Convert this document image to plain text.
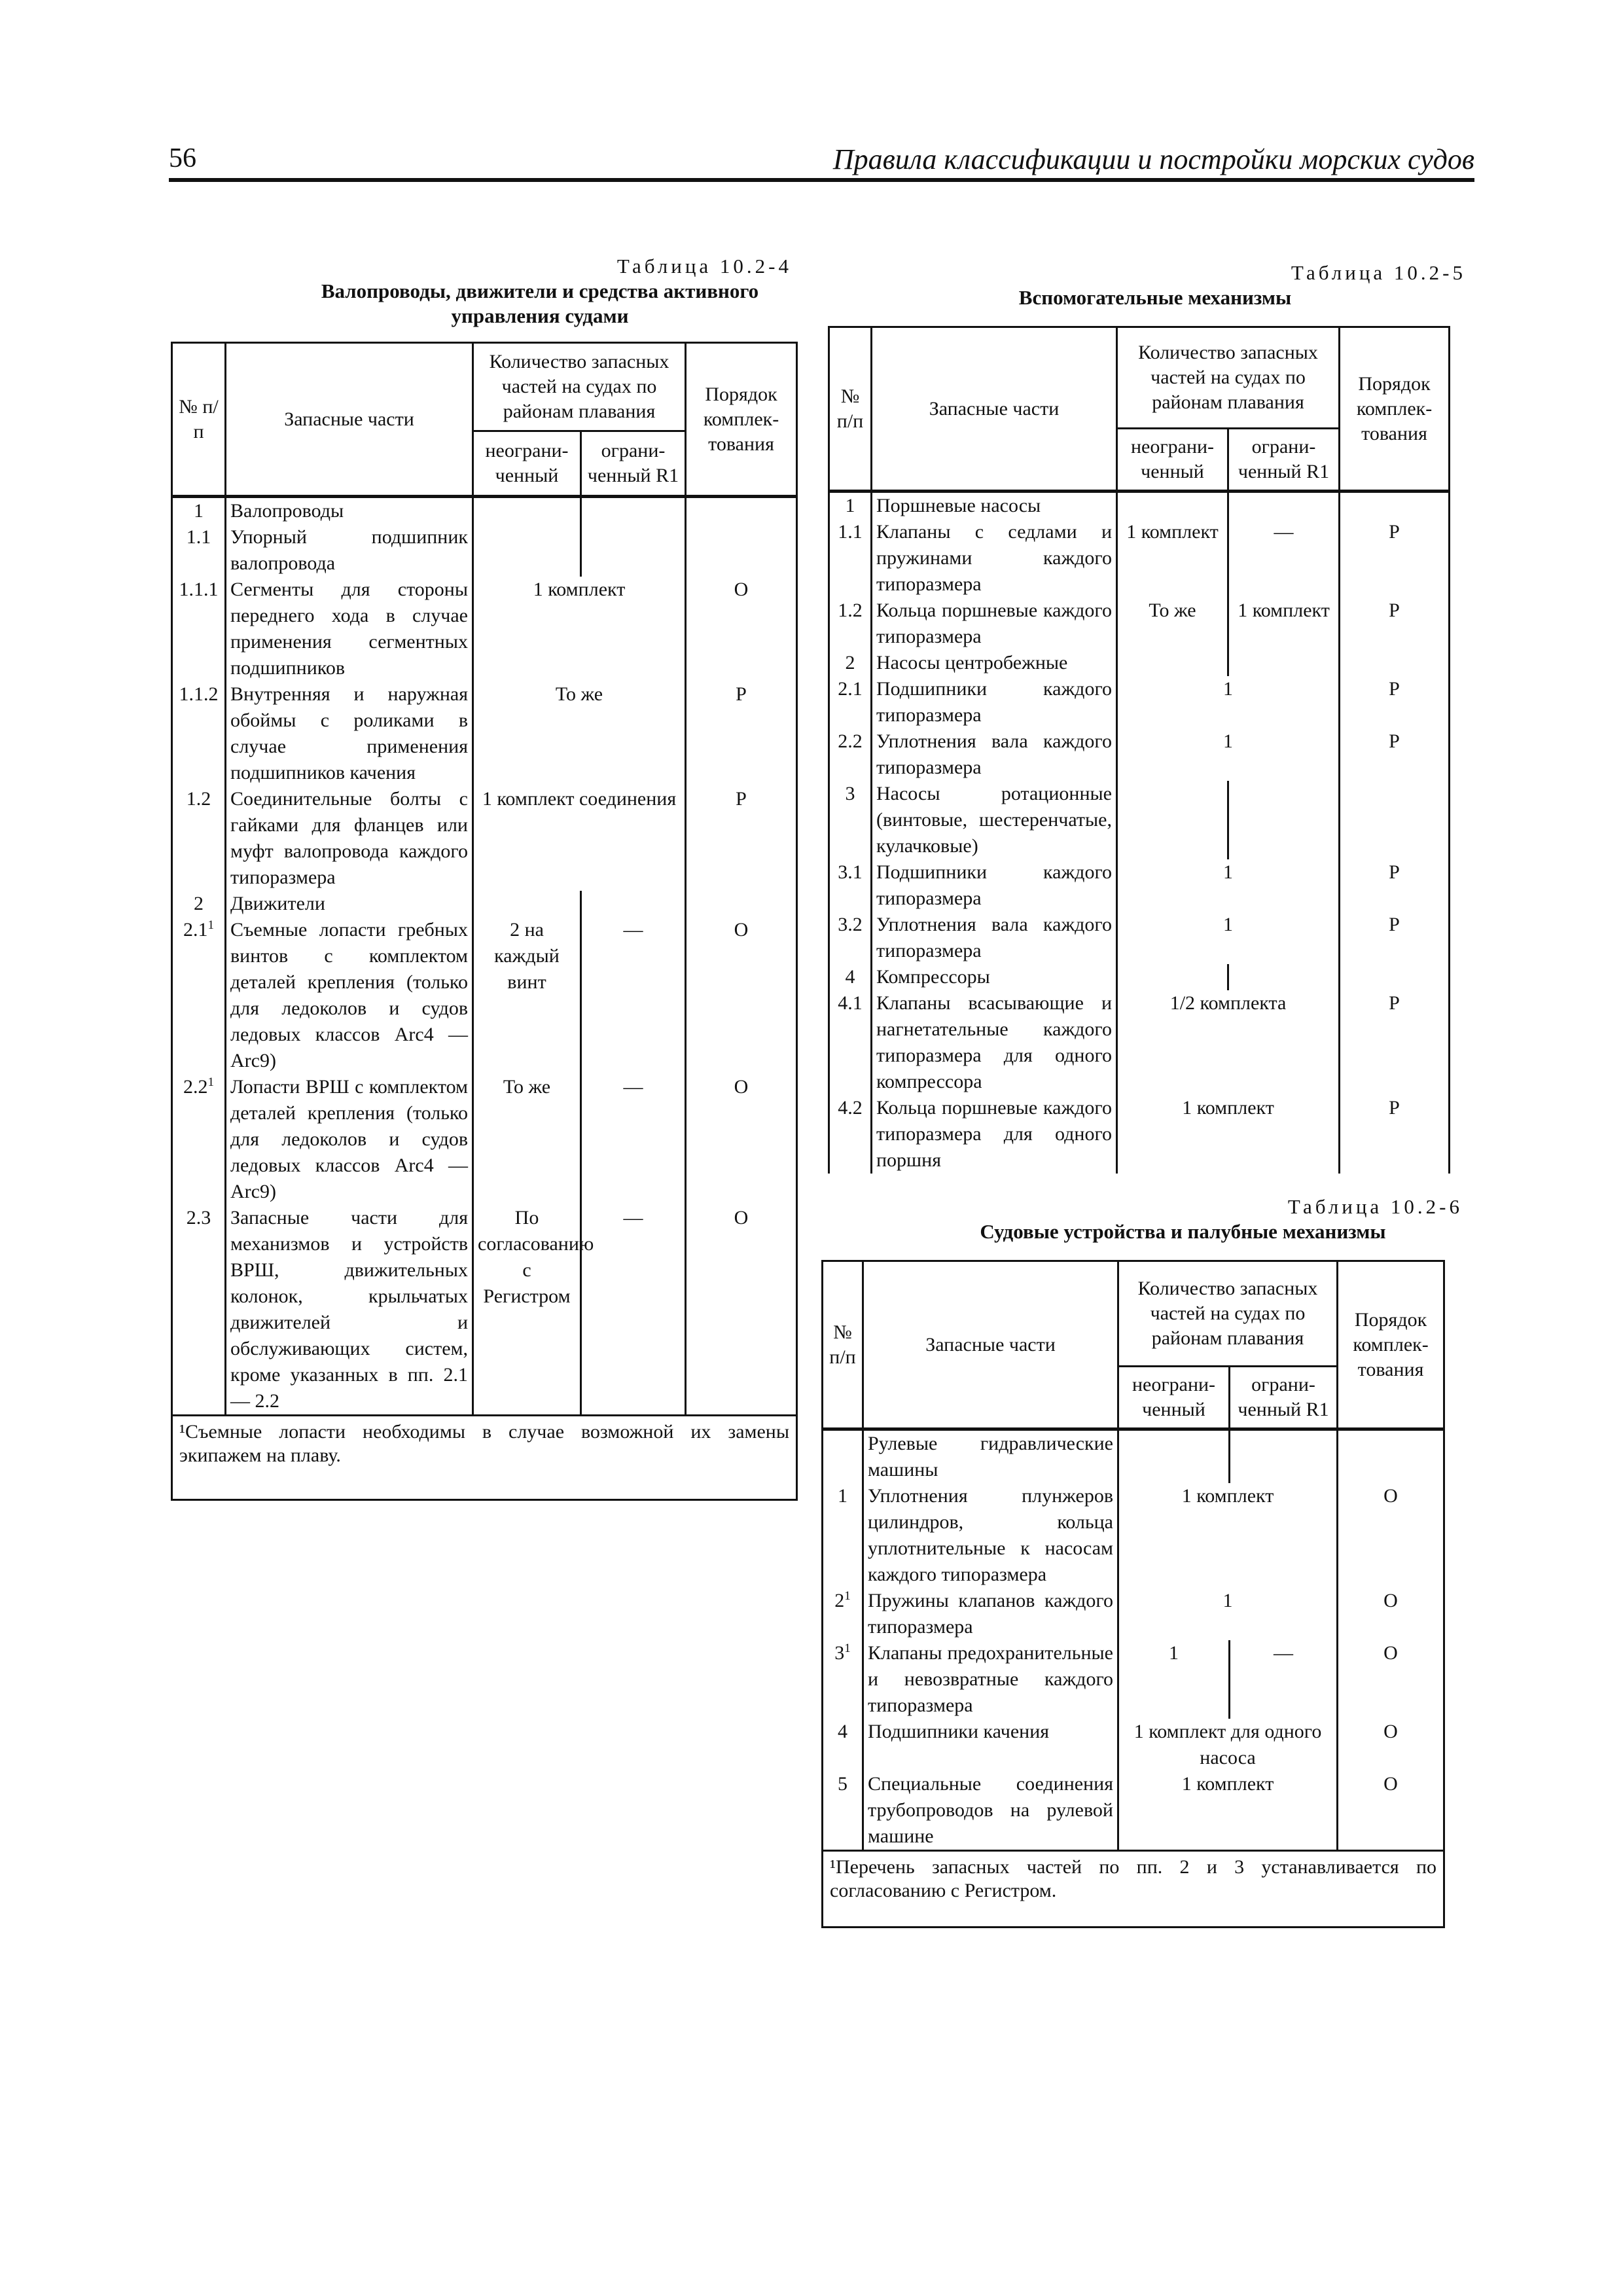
56	Правила классификации и постройки морских судов
Таблица 10.2-4
Валопроводы, движители и средства активного управления судами
№ п/п	Запасные части	Количество запасных частей на судах по районам плавания		Порядок комплек-тования
		неограни-ченный	ограни-ченный R1	
1	Валопроводы			
1.1	Упорный подшипник валопровода			
1.1.1	Сегменты для стороны переднего хода в случае применения сегментных подшипников	1 комплект		О
1.1.2	Внутренняя и наружная обоймы с роликами в случае применения подшипников качения	То же		Р
1.2	Соединительные болты с гайками для фланцев или муфт валопровода каждого типоразмера	1 комплект соединения		Р
2	Движители			
$2.1^1$	Съемные лопасти гребных винтов с комплектом деталей крепления (только для ледоколов и судов ледовых классов Arc4 — Arc9)	2 на каждый винт	—	О
$2.2^1$	Лопасти ВРШ с комплектом деталей крепления (только для ледоколов и судов ледовых классов Arc4 — Arc9)	То же	—	О
2.3	Запасные части для механизмов и устройств ВРШ, движительных колонок, крыльчатых движителей и обслуживающих систем, кроме указанных в пп. 2.1 — 2.2	По согласованию с Регистром	—	О
¹Съемные лопасти необходимы в случае возможной их замены экипажем на плаву.				
Таблица 10.2-5
Вспомогательные механизмы
№ п/п	Запасные части	Количество запасных частей на судах по районам плавания		Порядок комплек-тования
		неограни-ченный	ограни-ченный R1	
1	Поршневые насосы			
1.1	Клапаны с седлами и пружинами каждого типоразмера	1 комплект	—	Р
1.2	Кольца поршневые каждого типоразмера	То же	1 комплект	Р
2	Насосы центробежные			
2.1	Подшипники каждого типоразмера	1		Р
2.2	Уплотнения вала каждого типоразмера	1		Р
3	Насосы ротационные (винтовые, шестеренчатые, кулачковые)			
3.1	Подшипники каждого типоразмера	1		Р
3.2	Уплотнения вала каждого типоразмера	1		Р
4	Компрессоры			
4.1	Клапаны всасывающие и нагнетательные каждого типоразмера для одного компрессора	1/2 комплекта		Р
4.2	Кольца поршневые каждого типоразмера для одного поршня	1 комплект		Р
Таблица 10.2-6
Судовые устройства и палубные механизмы
№ п/п	Запасные части	Количество запасных частей на судах по районам плавания		Порядок комплек-тования
		неограни-ченный	ограни-ченный R1	
	Рулевые гидравлические машины			
1	Уплотнения плунжеров цилиндров, кольца уплотнительные к насосам каждого типоразмера	1 комплект		О
$2^1$	Пружины клапанов каждого типоразмера	1		О
$3^1$	Клапаны предохранительные и невозвратные каждого типоразмера	1	—	О
4	Подшипники качения	1 комплект для одного насоса		О
5	Специальные соединения трубопроводов на рулевой машине	1 комплект		О
¹Перечень запасных частей по пп. 2 и 3 устанавливается по согласованию с Регистром.				
